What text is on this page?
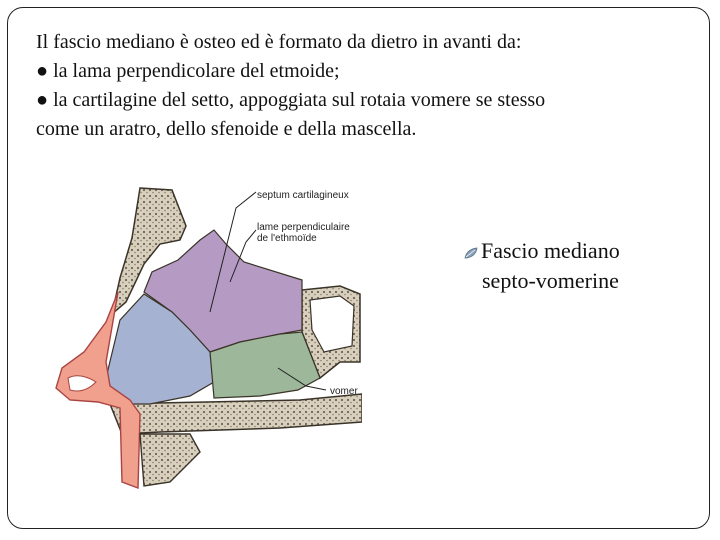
Il fascio mediano è osteo ed è formato da dietro in avanti da:
● la lama perpendicolare del etmoide;
● la cartilagine del setto, appoggiata sul rotaia vomere se stesso
come un aratro, dello sfenoide e della mascella.
septum cartilagineux
lame perpendiculaire
de l'ethmoïde
vomer
Fascio mediano
septo-vomerine
